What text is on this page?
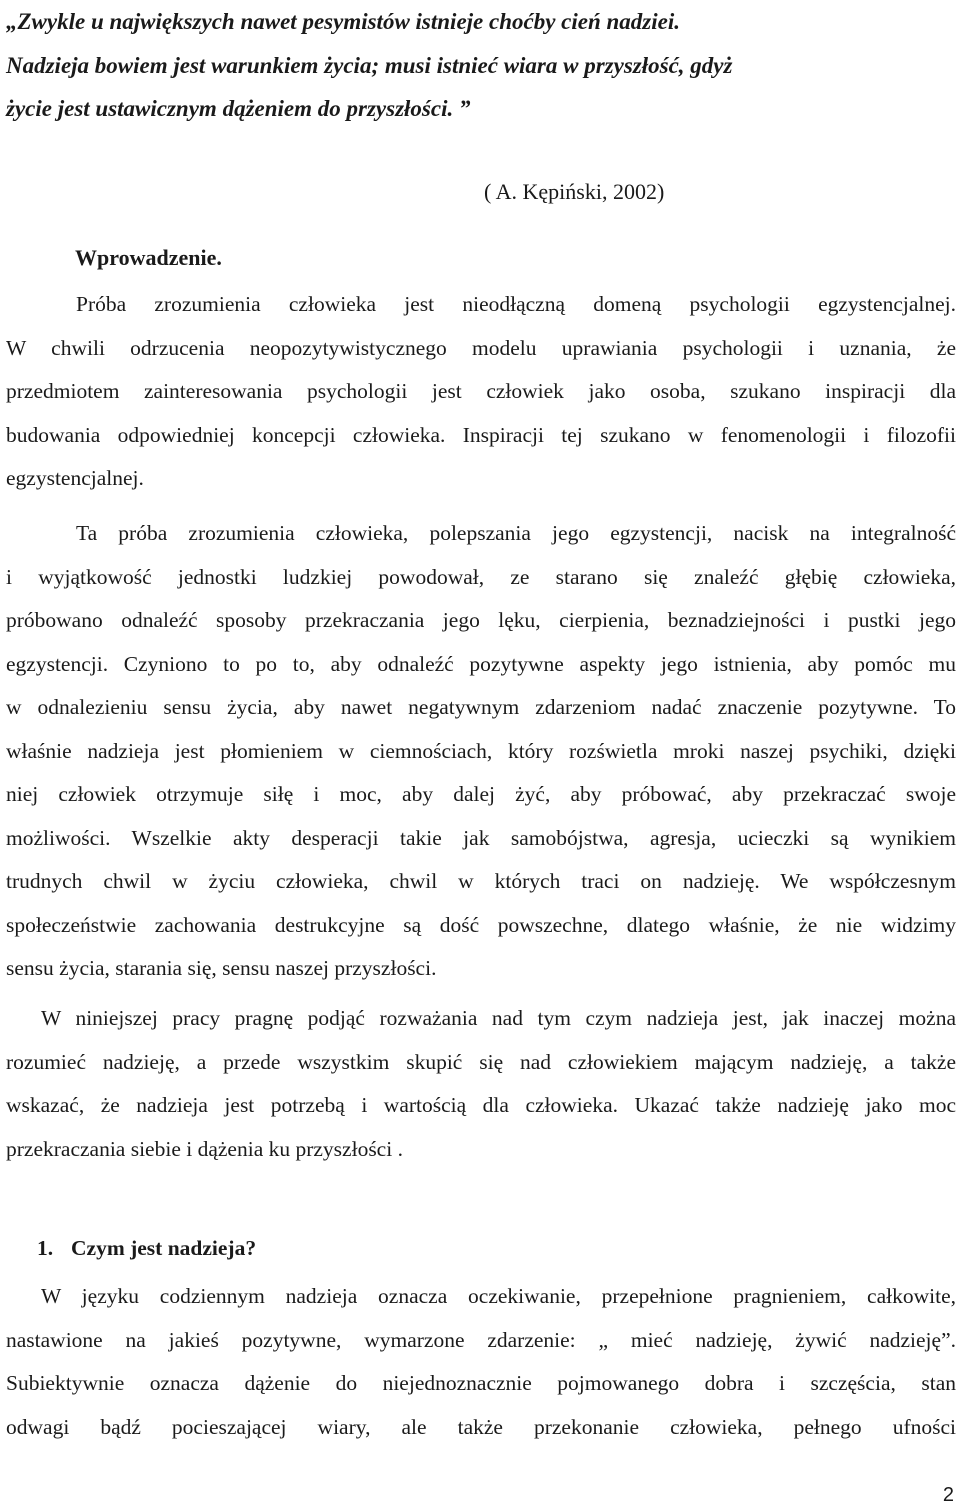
„Zwykle u największych nawet pesymistów istnieje choćby cień nadziei.
Nadzieja bowiem jest warunkiem życia; musi istnieć wiara w przyszłość, gdyż
życie jest ustawicznym dążeniem do przyszłości. ”
( A. Kępiński, 2002)
Wprowadzenie.
Próba zrozumienia człowieka jest nieodłączną domeną psychologii egzystencjalnej.
W chwili odrzucenia neopozytywistycznego modelu uprawiania psychologii i uznania, że
przedmiotem zainteresowania psychologii jest człowiek jako osoba, szukano inspiracji dla
budowania odpowiedniej koncepcji człowieka. Inspiracji tej szukano w fenomenologii i filozofii
egzystencjalnej.
Ta próba zrozumienia człowieka, polepszania jego egzystencji, nacisk na integralność
i wyjątkowość jednostki ludzkiej powodował, ze starano się znaleźć głębię człowieka,
próbowano odnaleźć sposoby przekraczania jego lęku, cierpienia, beznadziejności i pustki jego
egzystencji. Czyniono to po to, aby odnaleźć pozytywne aspekty jego istnienia, aby pomóc mu
w odnalezieniu sensu życia, aby nawet negatywnym zdarzeniom nadać znaczenie pozytywne. To
właśnie nadzieja jest płomieniem w ciemnościach, który rozświetla mroki naszej psychiki, dzięki
niej człowiek otrzymuje siłę i moc, aby dalej żyć, aby próbować, aby przekraczać swoje
możliwości. Wszelkie akty desperacji takie jak samobójstwa, agresja, ucieczki są wynikiem
trudnych chwil w życiu człowieka, chwil w których traci on nadzieję. We współczesnym
społeczeństwie zachowania destrukcyjne są dość powszechne, dlatego właśnie, że nie widzimy
sensu życia, starania się, sensu naszej przyszłości.
W niniejszej pracy pragnę podjąć rozważania nad tym czym nadzieja jest, jak inaczej można
rozumieć nadzieję, a przede wszystkim skupić się nad człowiekiem mającym nadzieję, a także
wskazać, że nadzieja jest potrzebą i wartością dla człowieka. Ukazać także nadzieję jako moc
przekraczania siebie i dążenia ku przyszłości .
1. Czym jest nadzieja?
W języku codziennym nadzieja oznacza oczekiwanie, przepełnione pragnieniem, całkowite,
nastawione na jakieś pozytywne, wymarzone zdarzenie: „ mieć nadzieję, żywić nadzieję”.
Subiektywnie oznacza dążenie do niejednoznacznie pojmowanego dobra i szczęścia, stan
odwagi bądź pocieszającej wiary, ale także przekonanie człowieka, pełnego ufności
2
